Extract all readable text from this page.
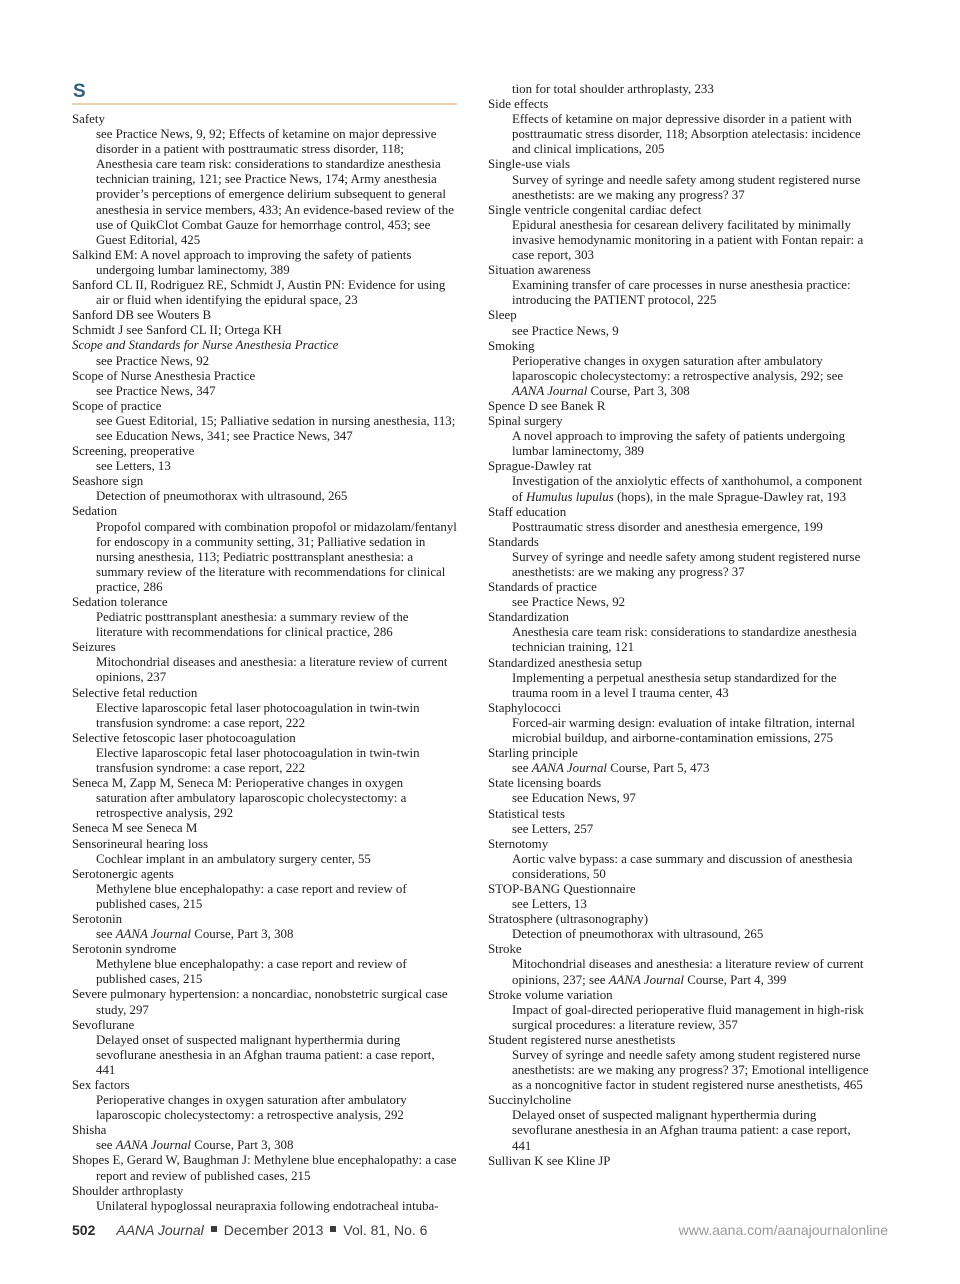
S
Safety
see Practice News, 9, 92; Effects of ketamine on major depressive disorder in a patient with posttraumatic stress disorder, 118; Anesthesia care team risk: considerations to standardize anesthesia technician training, 121; see Practice News, 174; Army anesthesia provider’s perceptions of emergence delirium subsequent to general anesthesia in service members, 433; An evidence-based review of the use of QuikClot Combat Gauze for hemorrhage control, 453; see Guest Editorial, 425
Salkind EM: A novel approach to improving the safety of patients undergoing lumbar laminectomy, 389
Sanford CL II, Rodriguez RE, Schmidt J, Austin PN: Evidence for using air or fluid when identifying the epidural space, 23
Sanford DB see Wouters B
Schmidt J see Sanford CL II; Ortega KH
Scope and Standards for Nurse Anesthesia Practice
see Practice News, 92
Scope of Nurse Anesthesia Practice
see Practice News, 347
Scope of practice
see Guest Editorial, 15; Palliative sedation in nursing anesthesia, 113; see Education News, 341; see Practice News, 347
Screening, preoperative
see Letters, 13
Seashore sign
Detection of pneumothorax with ultrasound, 265
Sedation
Propofol compared with combination propofol or midazolam/fentanyl for endoscopy in a community setting, 31; Palliative sedation in nursing anesthesia, 113; Pediatric posttransplant anesthesia: a summary review of the literature with recommendations for clinical practice, 286
Sedation tolerance
Pediatric posttransplant anesthesia: a summary review of the literature with recommendations for clinical practice, 286
Seizures
Mitochondrial diseases and anesthesia: a literature review of current opinions, 237
Selective fetal reduction
Elective laparoscopic fetal laser photocoagulation in twin-twin transfusion syndrome: a case report, 222
Selective fetoscopic laser photocoagulation
Elective laparoscopic fetal laser photocoagulation in twin-twin transfusion syndrome: a case report, 222
Seneca M, Zapp M, Seneca M: Perioperative changes in oxygen saturation after ambulatory laparoscopic cholecystectomy: a retrospective analysis, 292
Seneca M see Seneca M
Sensorineural hearing loss
Cochlear implant in an ambulatory surgery center, 55
Serotonergic agents
Methylene blue encephalopathy: a case report and review of published cases, 215
Serotonin
see AANA Journal Course, Part 3, 308
Serotonin syndrome
Methylene blue encephalopathy: a case report and review of published cases, 215
Severe pulmonary hypertension: a noncardiac, nonobstetric surgical case study, 297
Sevoflurane
Delayed onset of suspected malignant hyperthermia during sevoflurane anesthesia in an Afghan trauma patient: a case report, 441
Sex factors
Perioperative changes in oxygen saturation after ambulatory laparoscopic cholecystectomy: a retrospective analysis, 292
Shisha
see AANA Journal Course, Part 3, 308
Shopes E, Gerard W, Baughman J: Methylene blue encephalopathy: a case report and review of published cases, 215
Shoulder arthroplasty
Unilateral hypoglossal neurapraxia following endotracheal intuba-
tion for total shoulder arthroplasty, 233
Side effects
Effects of ketamine on major depressive disorder in a patient with posttraumatic stress disorder, 118; Absorption atelectasis: incidence and clinical implications, 205
Single-use vials
Survey of syringe and needle safety among student registered nurse anesthetists: are we making any progress? 37
Single ventricle congenital cardiac defect
Epidural anesthesia for cesarean delivery facilitated by minimally invasive hemodynamic monitoring in a patient with Fontan repair: a case report, 303
Situation awareness
Examining transfer of care processes in nurse anesthesia practice: introducing the PATIENT protocol, 225
Sleep
see Practice News, 9
Smoking
Perioperative changes in oxygen saturation after ambulatory laparoscopic cholecystectomy: a retrospective analysis, 292; see AANA Journal Course, Part 3, 308
Spence D see Banek R
Spinal surgery
A novel approach to improving the safety of patients undergoing lumbar laminectomy, 389
Sprague-Dawley rat
Investigation of the anxiolytic effects of xanthohumol, a component of Humulus lupulus (hops), in the male Sprague-Dawley rat, 193
Staff education
Posttraumatic stress disorder and anesthesia emergence, 199
Standards
Survey of syringe and needle safety among student registered nurse anesthetists: are we making any progress? 37
Standards of practice
see Practice News, 92
Standardization
Anesthesia care team risk: considerations to standardize anesthesia technician training, 121
Standardized anesthesia setup
Implementing a perpetual anesthesia setup standardized for the trauma room in a level I trauma center, 43
Staphylococci
Forced-air warming design: evaluation of intake filtration, internal microbial buildup, and airborne-contamination emissions, 275
Starling principle
see AANA Journal Course, Part 5, 473
State licensing boards
see Education News, 97
Statistical tests
see Letters, 257
Sternotomy
Aortic valve bypass: a case summary and discussion of anesthesia considerations, 50
STOP-BANG Questionnaire
see Letters, 13
Stratosphere (ultrasonography)
Detection of pneumothorax with ultrasound, 265
Stroke
Mitochondrial diseases and anesthesia: a literature review of current opinions, 237; see AANA Journal Course, Part 4, 399
Stroke volume variation
Impact of goal-directed perioperative fluid management in high-risk surgical procedures: a literature review, 357
Student registered nurse anesthetists
Survey of syringe and needle safety among student registered nurse anesthetists: are we making any progress? 37; Emotional intelligence as a noncognitive factor in student registered nurse anesthetists, 465
Succinylcholine
Delayed onset of suspected malignant hyperthermia during sevoflurane anesthesia in an Afghan trauma patient: a case report, 441
Sullivan K see Kline JP
502 AANA Journal December 2013 Vol. 81, No. 6	www.aana.com/aanajournalonline
